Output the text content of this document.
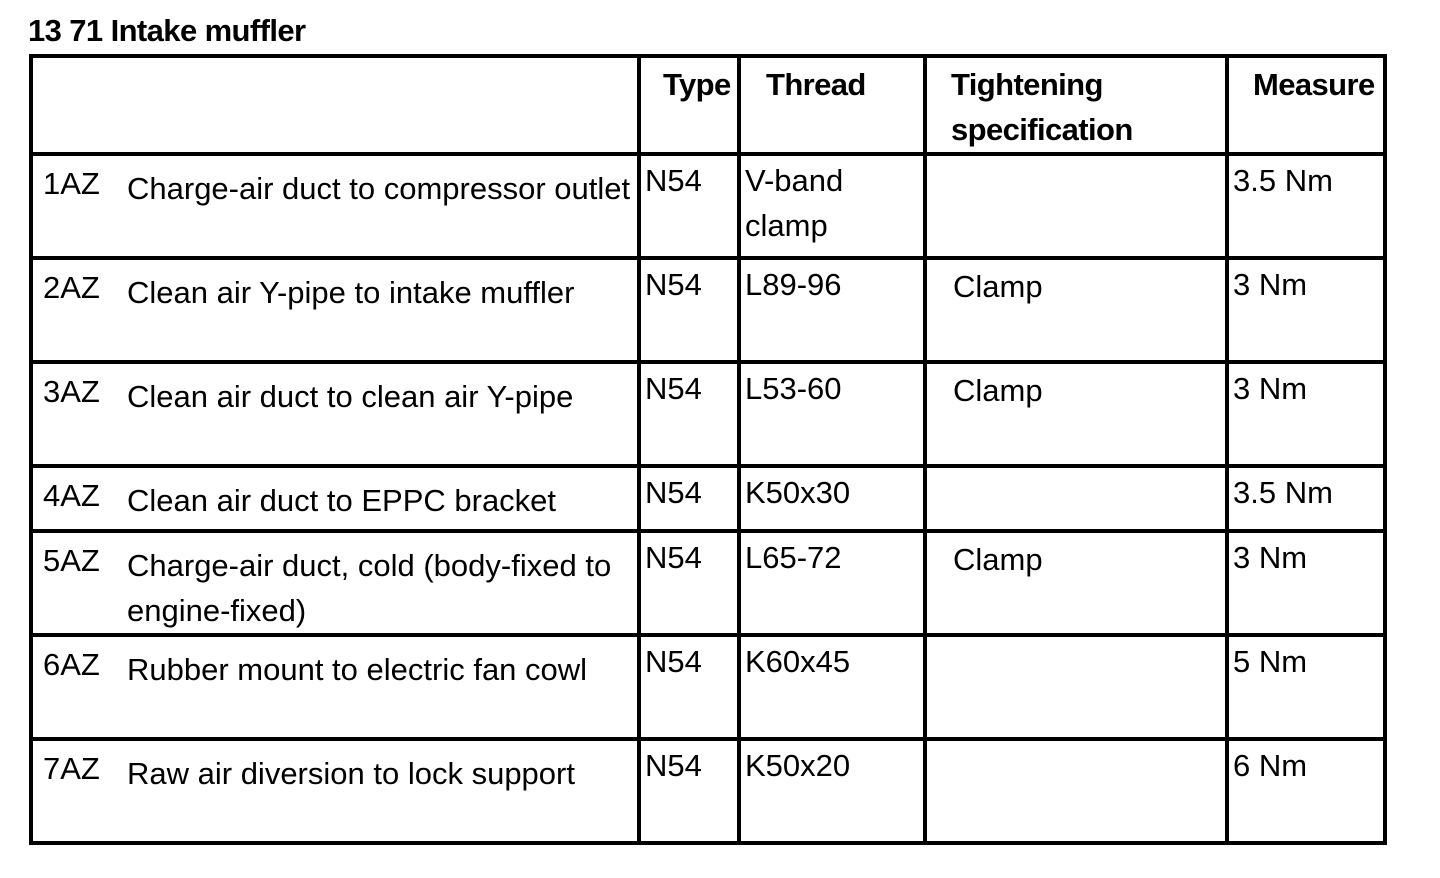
13 71 Intake muffler

	Type	Thread	Tightening specification	Measure

1AZ Charge-air duct to compressor outlet	N54	V-band clamp		3.5 Nm

2AZ Clean air Y-pipe to intake muffler	N54	L89-96	Clamp	3 Nm

3AZ Clean air duct to clean air Y-pipe	N54	L53-60	Clamp	3 Nm

4AZ Clean air duct to EPPC bracket	N54	K50x30		3.5 Nm

5AZ Charge-air duct, cold (body-fixed to engine-fixed)	N54	L65-72	Clamp	3 Nm

6AZ Rubber mount to electric fan cowl	N54	K60x45		5 Nm

7AZ Raw air diversion to lock support	N54	K50x20		6 Nm
